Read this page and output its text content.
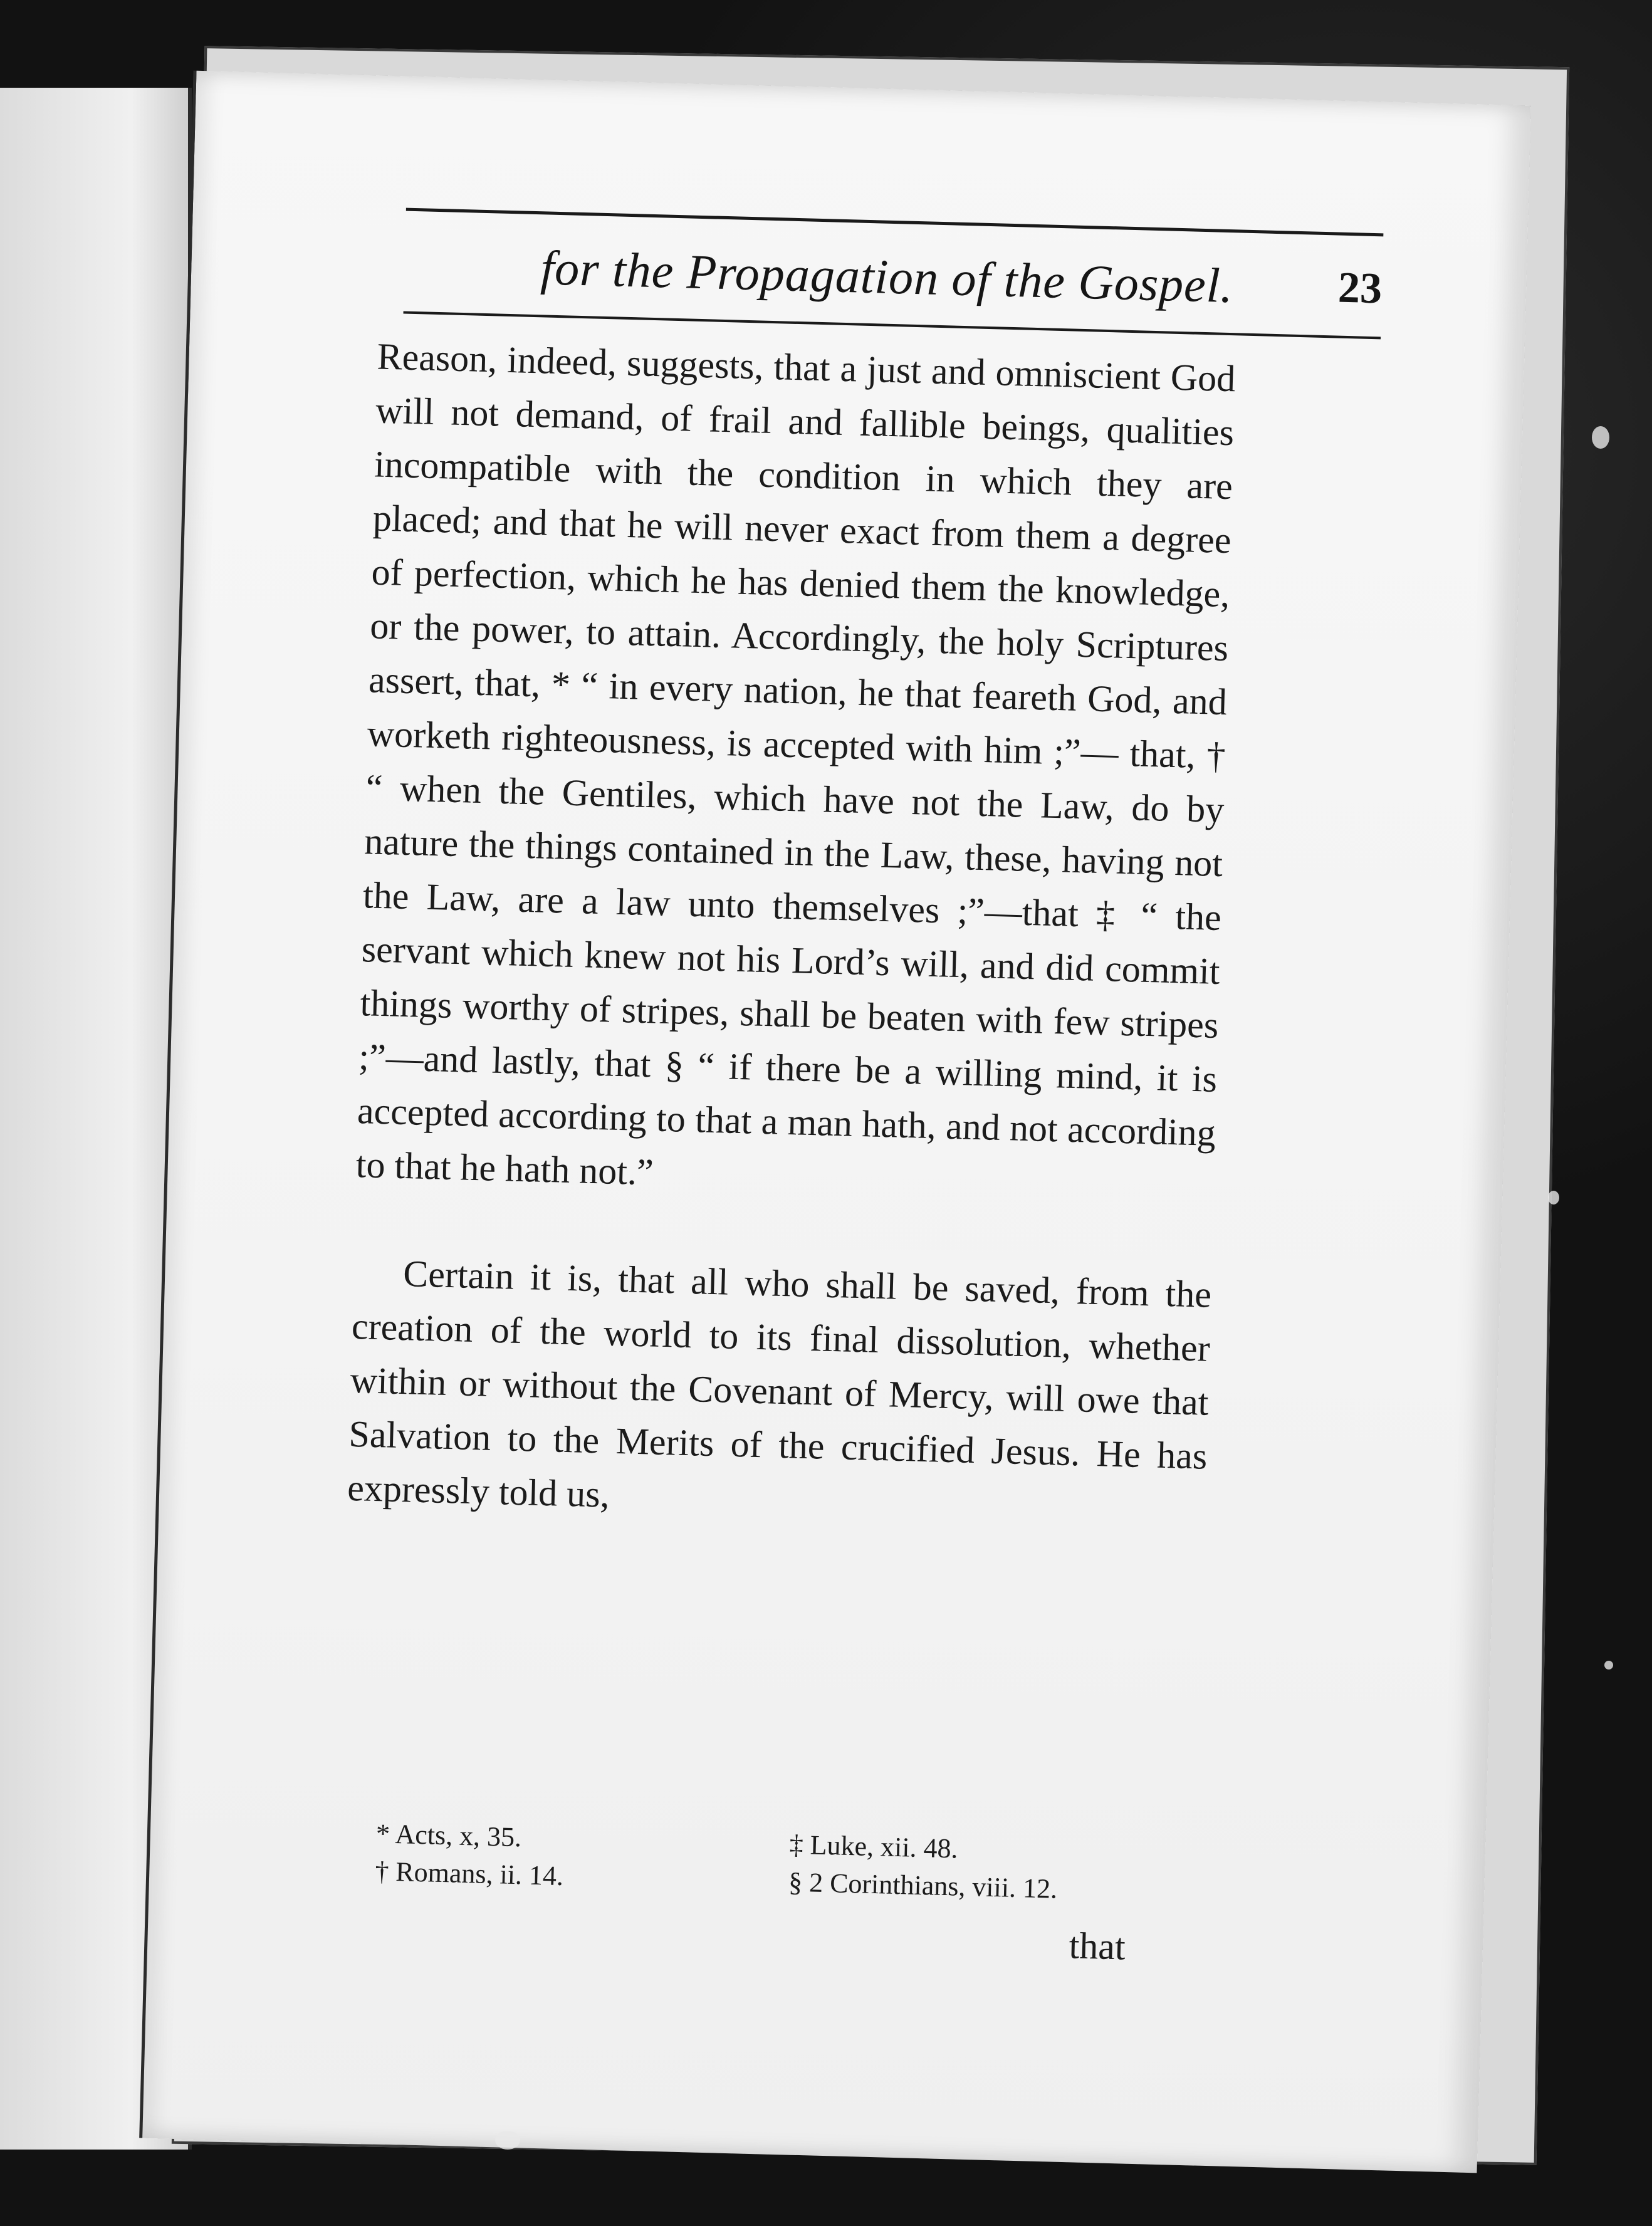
for the Propagation of the Gospel.	23

Reason, indeed, suggests, that a just and omniscient God will not demand, of frail and fallible beings, qualities incompatible with the condition in which they are placed; and that he will never exact from them a degree of perfection, which he has denied them the knowledge, or the power, to attain. Accordingly, the holy Scriptures assert, that, * “ in every nation, he that feareth God, and worketh righteousness, is accepted with him ;”— that, † “ when the Gentiles, which have not the Law, do by nature the things contained in the Law, these, having not the Law, are a law unto themselves ;”—that ‡ “ the servant which knew not his Lord’s will, and did commit things worthy of stripes, shall be beaten with few stripes ;”—and lastly, that § “ if there be a willing mind, it is accepted according to that a man hath, and not according to that he hath not.”

Certain it is, that all who shall be saved, from the creation of the world to its final dissolution, whether within or without the Covenant of Mercy, will owe that Salvation to the Merits of the crucified Jesus. He has expressly told us,

* Acts, x, 35.
† Romans, ii. 14.
‡ Luke, xii. 48.
§ 2 Corinthians, viii. 12.
that
